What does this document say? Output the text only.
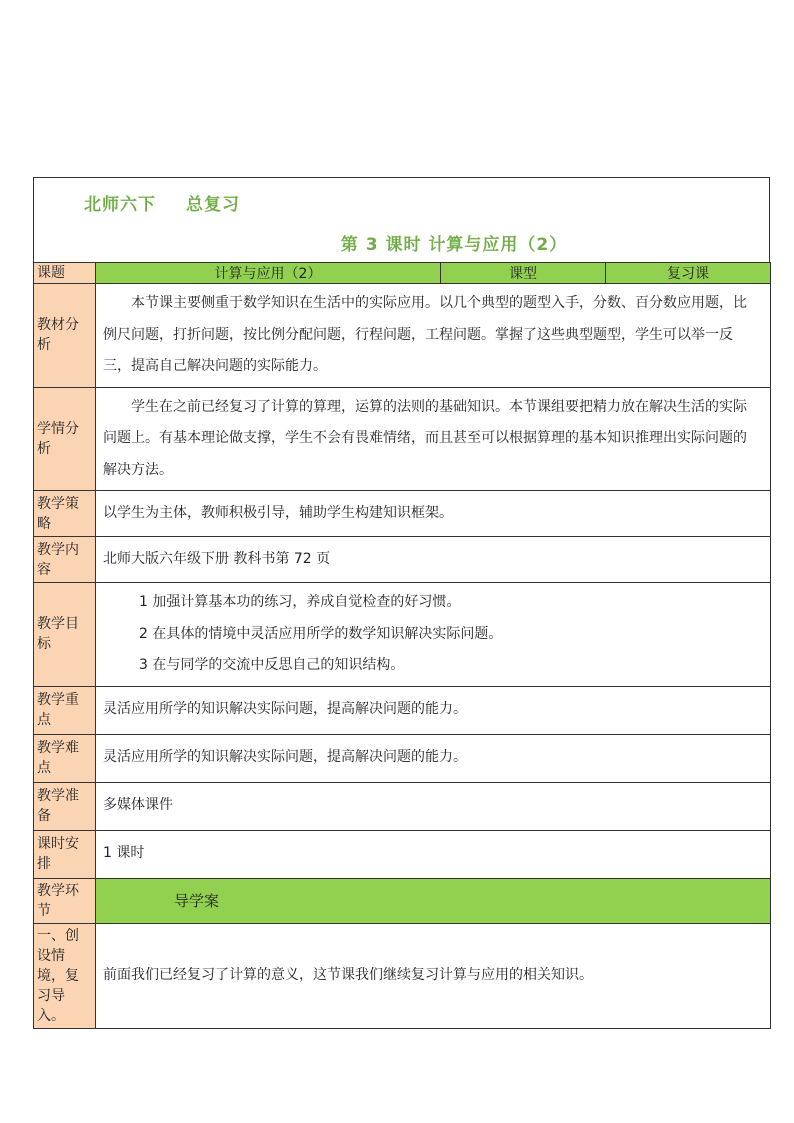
北师六下 总复习
第 3 课时 计算与应用（2）
课题	计算与应用（2）	课型	复习课
教材分析	本节课主要侧重于数学知识在生活中的实际应用。以几个典型的题型入手，分数、百分数应用题，比例尺问题，打折问题，按比例分配问题，行程问题，工程问题。掌握了这些典型题型，学生可以举一反三，提高自己解决问题的实际能力。		
学情分析	学生在之前已经复习了计算的算理，运算的法则的基础知识。本节课组要把精力放在解决生活的实际问题上。有基本理论做支撑，学生不会有畏难情绪，而且甚至可以根据算理的基本知识推理出实际问题的解决方法。		
教学策略	以学生为主体，教师积极引导，辅助学生构建知识框架。		
教学内容	北师大版六年级下册 教科书第 72 页		
教学目标	1 加强计算基本功的练习，养成自觉检查的好习惯。
2 在具体的情境中灵活应用所学的数学知识解决实际问题。
3 在与同学的交流中反思自己的知识结构。		

教学重点	灵活应用所学的知识解决实际问题，提高解决问题的能力。		
教学难点	灵活应用所学的知识解决实际问题，提高解决问题的能力。		
教学准备	多媒体课件		
课时安排	1 课时		
教学环节	导学案		
一、创设情境，复习导入。	前面我们已经复习了计算的意义，这节课我们继续复习计算与应用的相关知识。		
